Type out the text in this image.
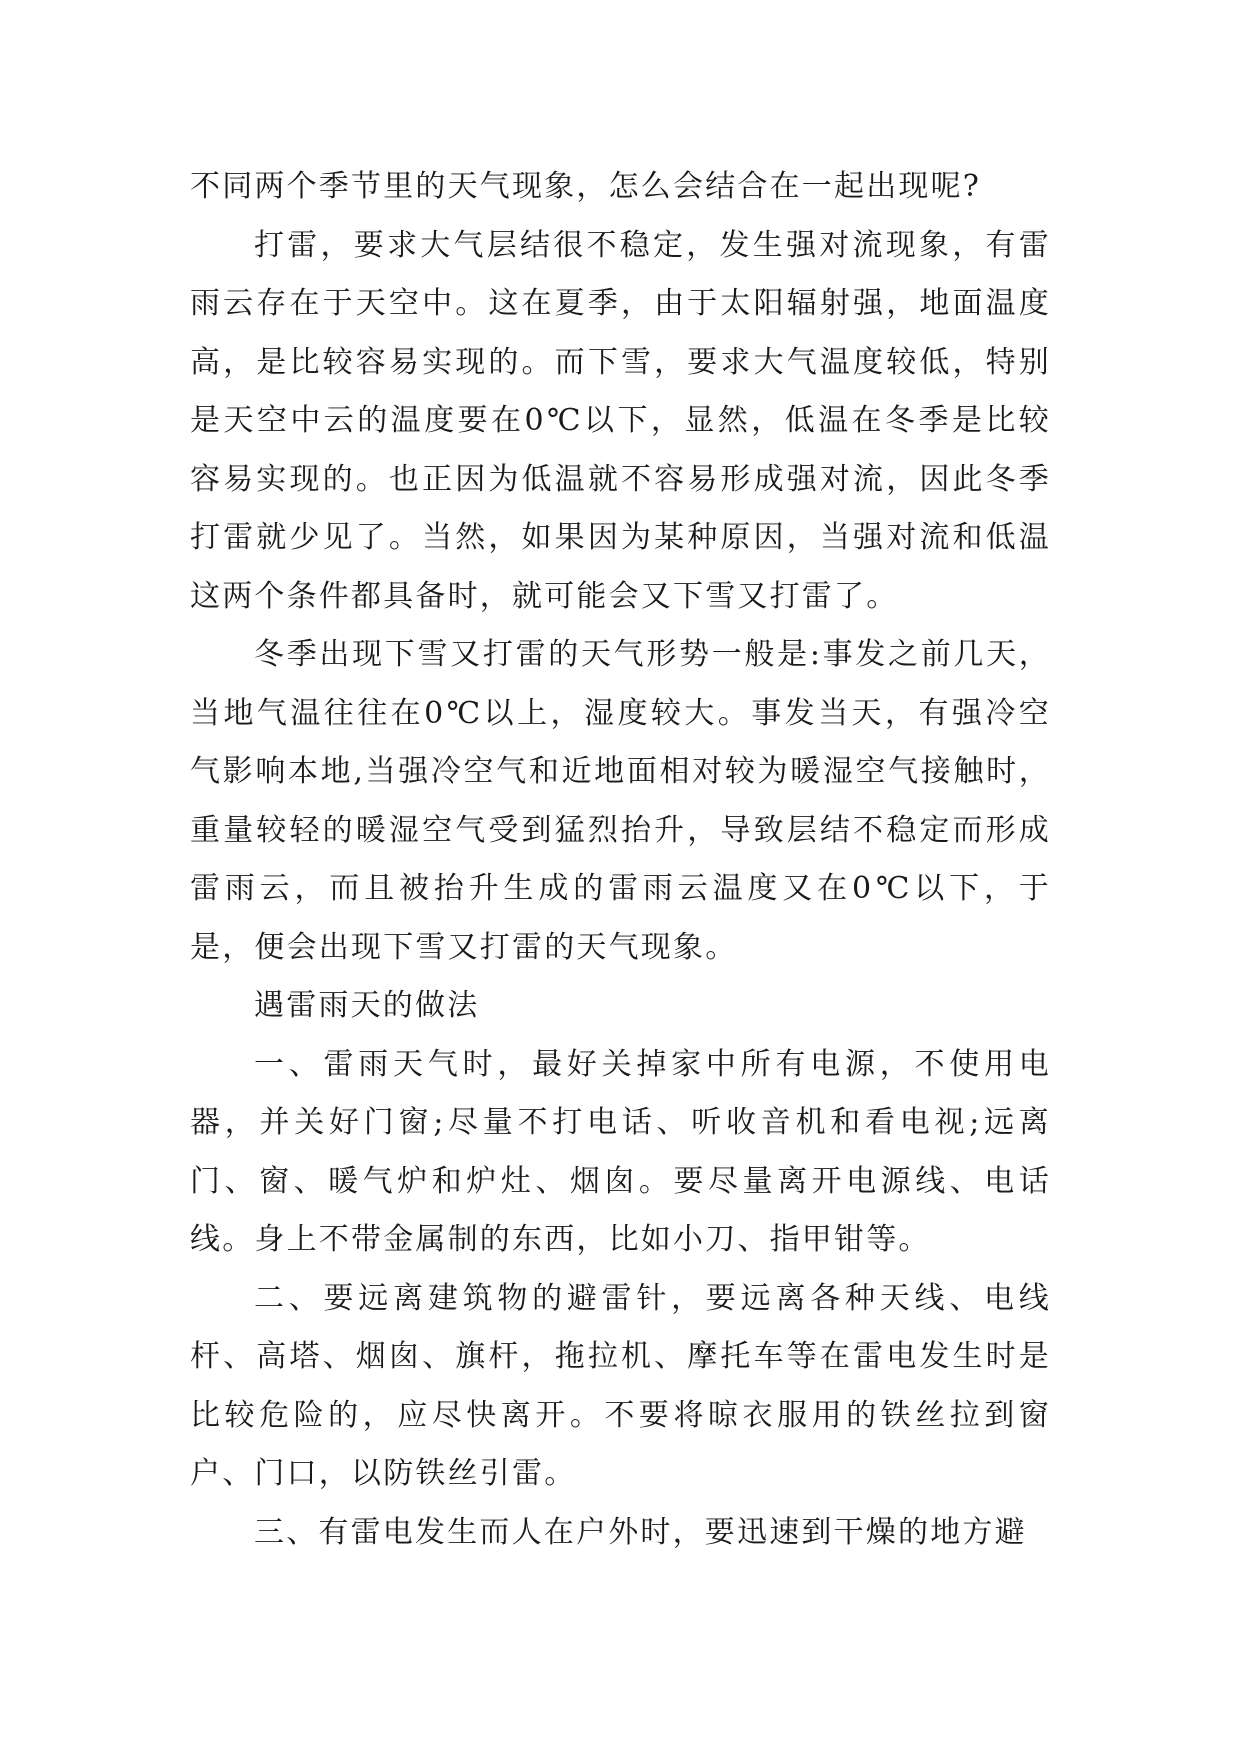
不同两个季节里的天气现象，怎么会结合在一起出现呢?

打雷，要求大气层结很不稳定，发生强对流现象，有雷雨云存在于天空中。这在夏季，由于太阳辐射强，地面温度高，是比较容易实现的。而下雪，要求大气温度较低，特别是天空中云的温度要在0℃以下，显然，低温在冬季是比较容易实现的。也正因为低温就不容易形成强对流，因此冬季打雷就少见了。当然，如果因为某种原因，当强对流和低温这两个条件都具备时，就可能会又下雪又打雷了。

冬季出现下雪又打雷的天气形势一般是:事发之前几天，当地气温往往在0℃以上，湿度较大。事发当天，有强冷空气影响本地,当强冷空气和近地面相对较为暖湿空气接触时，重量较轻的暖湿空气受到猛烈抬升，导致层结不稳定而形成雷雨云，而且被抬升生成的雷雨云温度又在0℃以下，于是，便会出现下雪又打雷的天气现象。

遇雷雨天的做法

一、雷雨天气时，最好关掉家中所有电源，不使用电器，并关好门窗;尽量不打电话、听收音机和看电视;远离门、窗、暖气炉和炉灶、烟囱。要尽量离开电源线、电话线。身上不带金属制的东西，比如小刀、指甲钳等。

二、要远离建筑物的避雷针，要远离各种天线、电线杆、高塔、烟囱、旗杆，拖拉机、摩托车等在雷电发生时是比较危险的，应尽快离开。不要将晾衣服用的铁丝拉到窗户、门口，以防铁丝引雷。

三、有雷电发生而人在户外时，要迅速到干燥的地方避
